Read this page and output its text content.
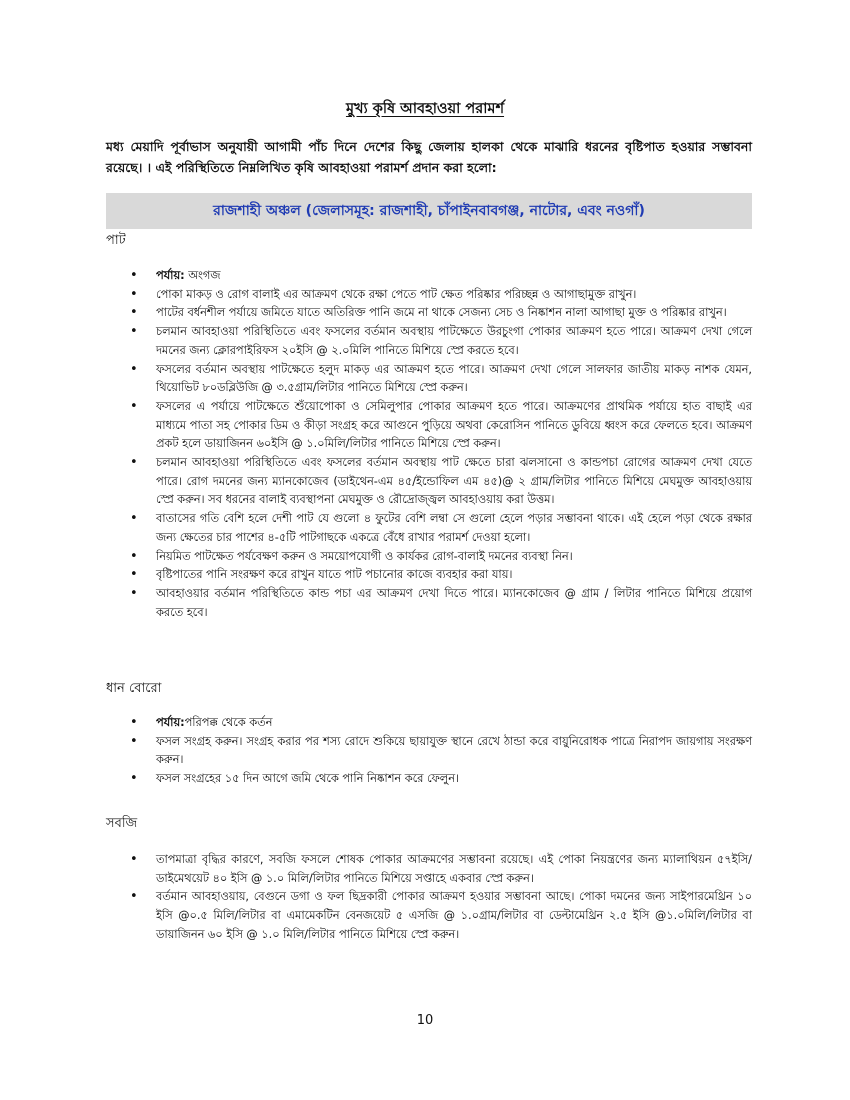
মুখ্য কৃষি আবহাওয়া পরামর্শ
মধ্য মেয়াদি পূর্বাভাস অনুযায়ী আগামী পাঁচ দিনে দেশের কিছু জেলায় হালকা থেকে মাঝারি ধরনের বৃষ্টিপাত হওয়ার সম্ভাবনা রয়েছে। । এই পরিস্থিতিতে নিম্নলিখিত কৃষি আবহাওয়া পরামর্শ প্রদান করা হলো:
রাজশাহী অঞ্চল (জেলাসমূহ: রাজশাহী, চাঁপাইনবাবগঞ্জ, নাটোর, এবং নওগাঁ)
পাট
• পর্যায়: অংগজ
• পোকা মাকড় ও রোগ বালাই এর আক্রমণ থেকে রক্ষা পেতে পাট ক্ষেত পরিষ্কার পরিচ্ছন্ন ও আগাছামুক্ত রাখুন।
• পাটের বর্ধনশীল পর্যায়ে জমিতে যাতে অতিরিক্ত পানি জমে না থাকে সেজন্য সেচ ও নিষ্কাশন নালা আগাছা মুক্ত ও পরিষ্কার রাখুন।
• চলমান আবহাওয়া পরিস্থিতিতে এবং ফসলের বর্তমান অবস্থায় পাটক্ষেতে উরচুংগা পোকার আক্রমণ হতে পারে। আক্রমণ দেখা গেলে দমনের জন্য ক্লোরপাইরিফস ২০ইসি @ ২.০মিলি পানিতে মিশিয়ে স্প্রে করতে হবে।
• ফসলের বর্তমান অবস্থায় পাটক্ষেতে হলুদ মাকড় এর আক্রমণ হতে পারে। আক্রমণ দেখা গেলে সালফার জাতীয় মাকড় নাশক যেমন, থিয়োভিট ৮০ডব্লিউজি @ ৩.৫গ্রাম/লিটার পানিতে মিশিয়ে স্প্রে করুন।
• ফসলের এ পর্যায়ে পাটক্ষেতে শুঁয়োপোকা ও সেমিলুপার পোকার আক্রমণ হতে পারে। আক্রমণের প্রাথমিক পর্যায়ে হাত বাছাই এর মাধ্যমে পাতা সহ পোকার ডিম ও কীড়া সংগ্রহ করে আগুনে পুড়িয়ে অথবা কেরোসিন পানিতে ডুবিয়ে ধ্বংস করে ফেলতে হবে। আক্রমণ প্রকট হলে ডায়াজিনন ৬০ইসি @ ১.০মিলি/লিটার পানিতে মিশিয়ে স্প্রে করুন।
• চলমান আবহাওয়া পরিস্থিতিতে এবং ফসলের বর্তমান অবস্থায় পাট ক্ষেতে চারা ঝলসানো ও কান্ডপচা রোগের আক্রমণ দেখা যেতে পারে। রোগ দমনের জন্য ম্যানকোজেব (ডাইথেন-এম ৪৫/ইন্ডোফিল এম ৪৫)@ ২ গ্রাম/লিটার পানিতে মিশিয়ে মেঘমুক্ত আবহাওয়ায় স্প্রে করুন। সব ধরনের বালাই ব্যবস্থাপনা মেঘমুক্ত ও রৌদ্রোজ্জ্বল আবহাওয়ায় করা উত্তম।
• বাতাসের গতি বেশি হলে দেশী পাট যে গুলো ৪ ফুটের বেশি লম্বা সে গুলো হেলে পড়ার সম্ভাবনা থাকে। এই হেলে পড়া থেকে রক্ষার জন্য ক্ষেতের চার পাশের ৪-৫টি পাটগাছকে একত্রে বেঁধে রাখার পরামর্শ দেওয়া হলো।
• নিয়মিত পাটক্ষেত পর্যবেক্ষণ করুন ও সময়োপযোগী ও কার্যকর রোগ-বালাই দমনের ব্যবস্থা নিন।
• বৃষ্টিপাতের পানি সংরক্ষণ করে রাখুন যাতে পাট পচানোর কাজে ব্যবহার করা যায়।
• আবহাওয়ার বর্তমান পরিস্থিতিতে কান্ড পচা এর আক্রমণ দেখা দিতে পারে। ম্যানকোজেব @ গ্রাম / লিটার পানিতে মিশিয়ে প্রয়োগ করতে হবে।
ধান বোরো
• পর্যায়:পরিপক্ক থেকে কর্তন
• ফসল সংগ্রহ করুন। সংগ্রহ করার পর শস্য রোদে শুকিয়ে ছায়াযুক্ত স্থানে রেখে ঠান্ডা করে বায়ুনিরোধক পাত্রে নিরাপদ জায়গায় সংরক্ষণ করুন।
• ফসল সংগ্রহের ১৫ দিন আগে জমি থেকে পানি নিষ্কাশন করে ফেলুন।
সবজি
• তাপমাত্রা বৃদ্ধির কারণে, সবজি ফসলে শোষক পোকার আক্রমণের সম্ভাবনা রয়েছে। এই পোকা নিয়ন্ত্রণের জন্য ম্যালাথিয়ন ৫৭ইসি/ডাইমেথয়েট ৪০ ইসি @ ১.০ মিলি/লিটার পানিতে মিশিয়ে সপ্তাহে একবার স্প্রে করুন।
• বর্তমান আবহাওয়ায়, বেগুনে ডগা ও ফল ছিদ্রকারী পোকার আক্রমণ হওয়ার সম্ভাবনা আছে। পোকা দমনের জন্য সাইপারমেথ্রিন ১০ ইসি @০.৫ মিলি/লিটার বা এমামেকটিন বেনজয়েট ৫ এসজি @ ১.০গ্রাম/লিটার বা ডেল্টামেথ্রিন ২.৫ ইসি @১.০মিলি/লিটার বা ডায়াজিনন ৬০ ইসি @ ১.০ মিলি/লিটার পানিতে মিশিয়ে স্প্রে করুন।
10
